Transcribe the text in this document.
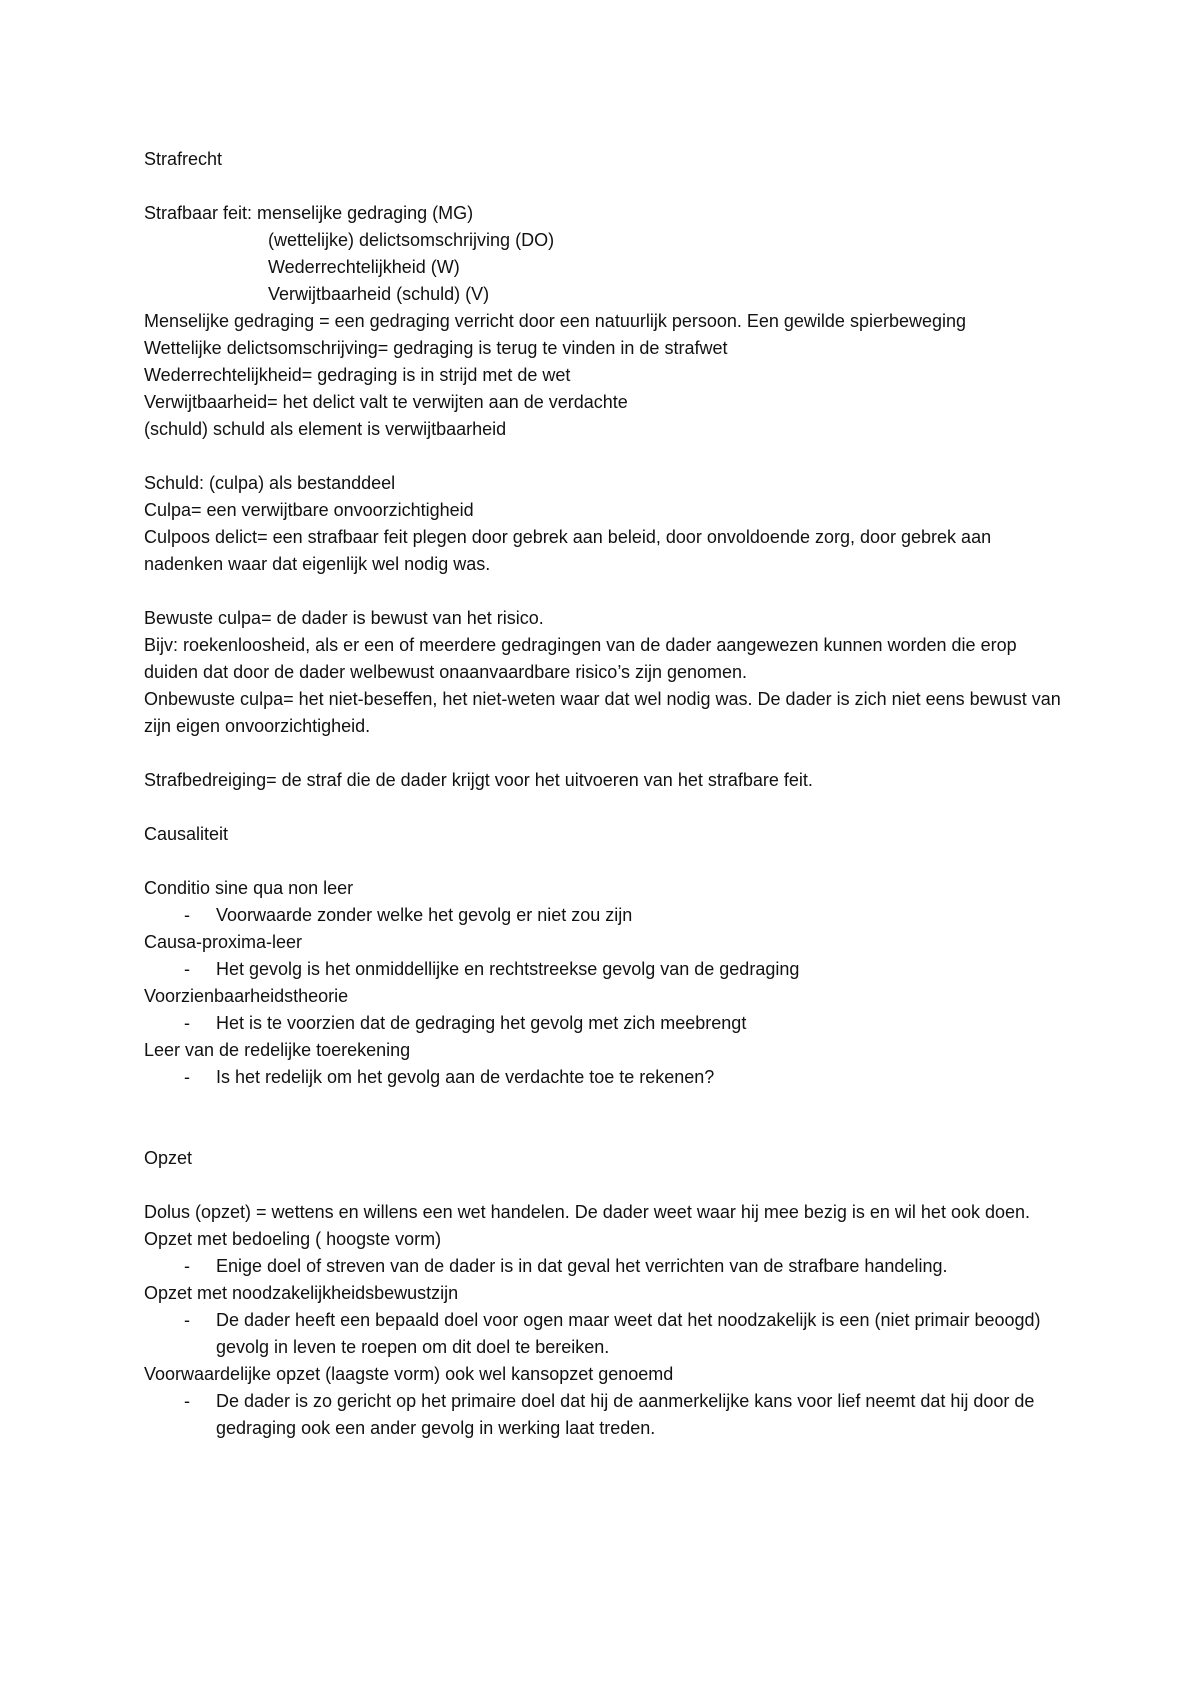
Strafrecht

Strafbaar feit: menselijke gedraging (MG)

(wettelijke) delictsomschrijving (DO)

Wederrechtelijkheid (W)

Verwijtbaarheid (schuld) (V)

Menselijke gedraging = een gedraging verricht door een natuurlijk persoon. Een gewilde spierbeweging

Wettelijke delictsomschrijving= gedraging is terug te vinden in de strafwet

Wederrechtelijkheid= gedraging is in strijd met de wet

Verwijtbaarheid= het delict valt te verwijten aan de verdachte

(schuld) schuld als element is verwijtbaarheid

Schuld: (culpa) als bestanddeel

Culpa= een verwijtbare onvoorzichtigheid

Culpoos delict= een strafbaar feit plegen door gebrek aan beleid, door onvoldoende zorg, door gebrek aan nadenken waar dat eigenlijk wel nodig was.

Bewuste culpa= de dader is bewust van het risico.

Bijv: roekenloosheid, als er een of meerdere gedragingen van de dader aangewezen kunnen worden die erop duiden dat door de dader welbewust onaanvaardbare risico’s zijn genomen.

Onbewuste culpa= het niet-beseffen, het niet-weten waar dat wel nodig was. De dader is zich niet eens bewust van zijn eigen onvoorzichtigheid.

Strafbedreiging= de straf die de dader krijgt voor het uitvoeren van het strafbare feit.

Causaliteit

Conditio sine qua non leer

-	Voorwaarde zonder welke het gevolg er niet zou zijn

Causa-proxima-leer

-	Het gevolg is het onmiddellijke en rechtstreekse gevolg van de gedraging

Voorzienbaarheidstheorie

-	Het is te voorzien dat de gedraging het gevolg met zich meebrengt

Leer van de redelijke toerekening

-	Is het redelijk om het gevolg aan de verdachte toe te rekenen?

Opzet

Dolus (opzet) = wettens en willens een wet handelen. De dader weet waar hij mee bezig is en wil het ook doen.

Opzet met bedoeling ( hoogste vorm)

-	Enige doel of streven van de dader is in dat geval het verrichten van de strafbare handeling.

Opzet met noodzakelijkheidsbewustzijn

-	De dader heeft een bepaald doel voor ogen maar weet dat het noodzakelijk is een (niet primair beoogd) gevolg in leven te roepen om dit doel te bereiken.

Voorwaardelijke opzet (laagste vorm) ook wel kansopzet genoemd

-	De dader is zo gericht op het primaire doel dat hij de aanmerkelijke kans voor lief neemt dat hij door de gedraging ook een ander gevolg in werking laat treden.
